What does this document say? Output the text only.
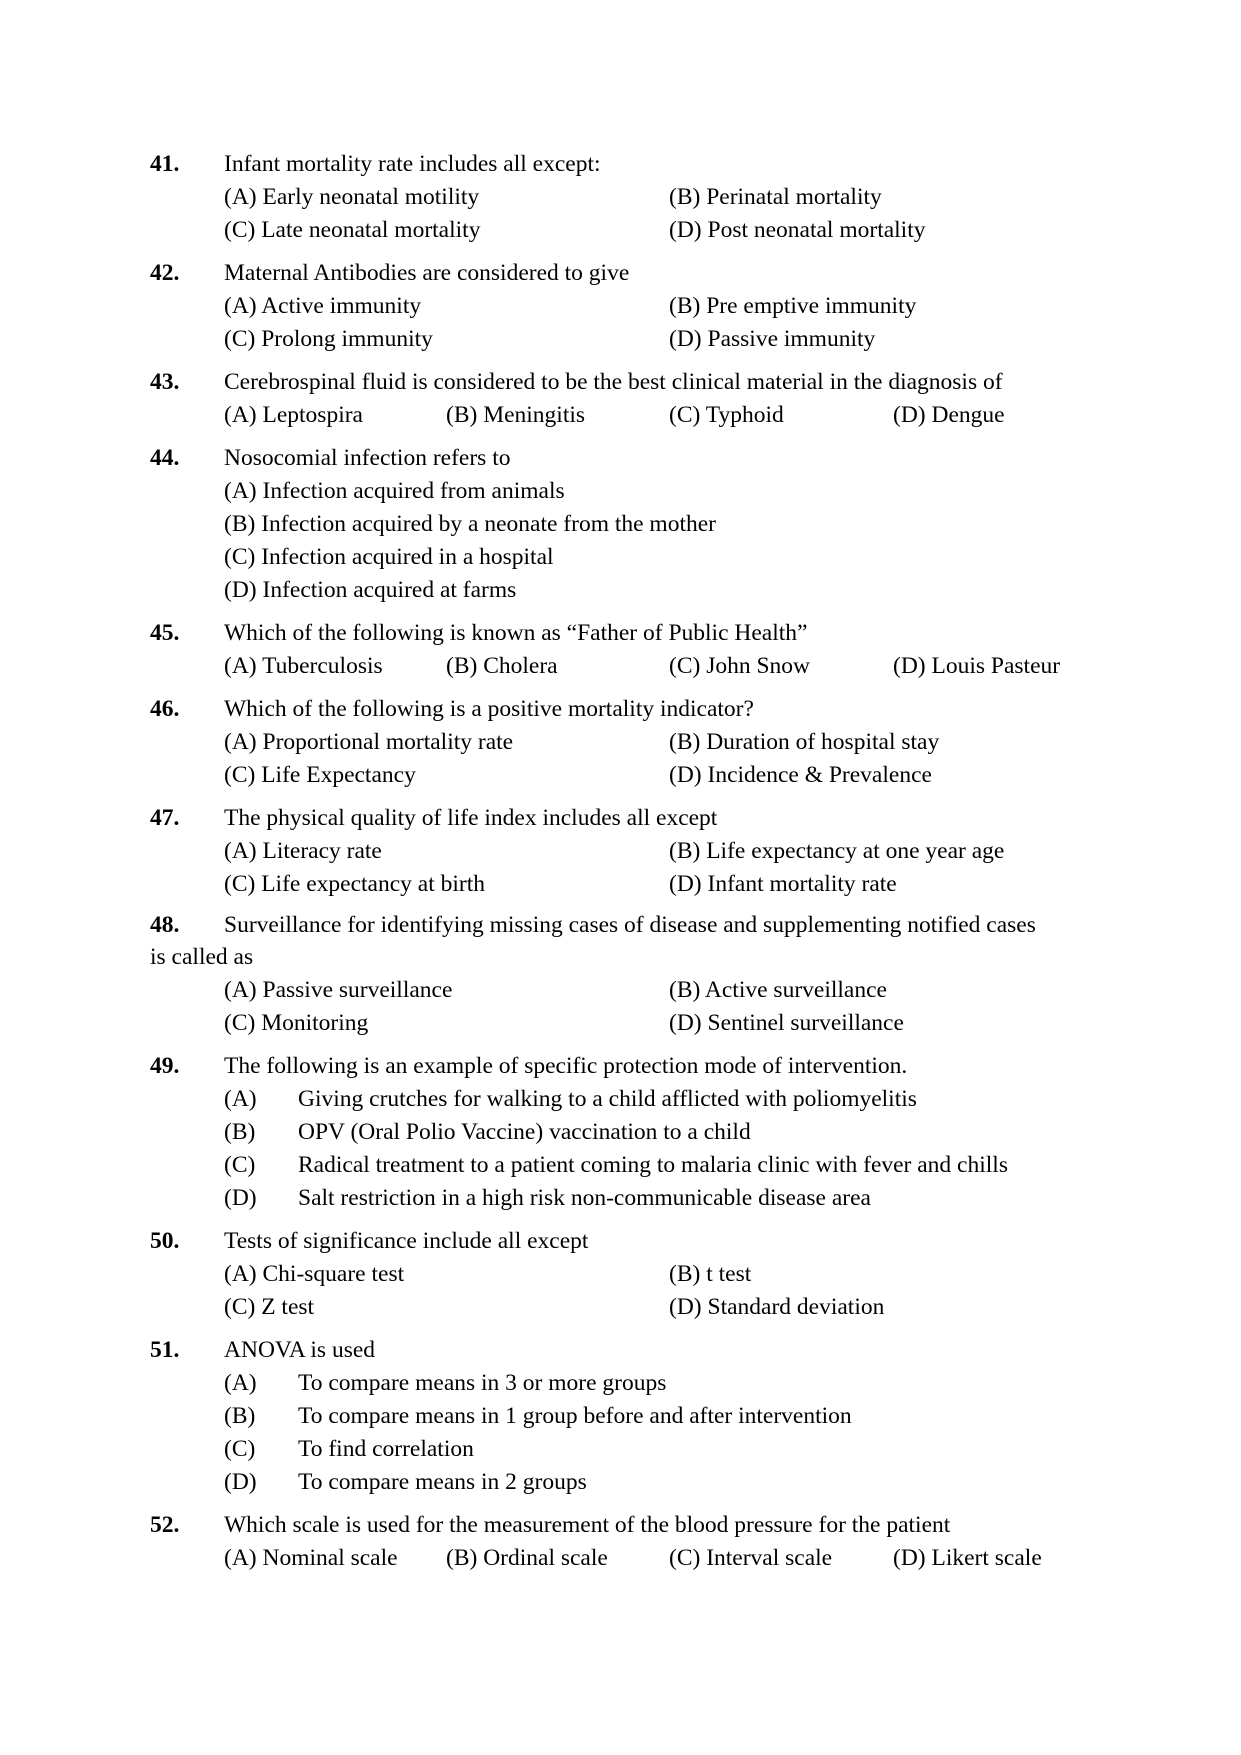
41. Infant mortality rate includes all except:
(A) Early neonatal motility	(B) Perinatal mortality
(C) Late neonatal mortality	(D) Post neonatal mortality
42. Maternal Antibodies are considered to give
(A) Active immunity	(B) Pre emptive immunity
(C) Prolong immunity	(D) Passive immunity
43. Cerebrospinal fluid is considered to be the best clinical material in the diagnosis of
(A) Leptospira	(B) Meningitis	(C) Typhoid	(D) Dengue
44. Nosocomial infection refers to
(A) Infection acquired from animals
(B) Infection acquired by a neonate from the mother
(C) Infection acquired in a hospital
(D) Infection acquired at farms
45. Which of the following is known as “Father of Public Health”
(A) Tuberculosis	(B) Cholera	(C) John Snow	(D) Louis Pasteur
46. Which of the following is a positive mortality indicator?
(A) Proportional mortality rate	(B) Duration of hospital stay
(C) Life Expectancy	(D) Incidence & Prevalence
47. The physical quality of life index includes all except
(A) Literacy rate	(B) Life expectancy at one year age
(C) Life expectancy at birth	(D) Infant mortality rate
48. Surveillance for identifying missing cases of disease and supplementing notified cases
is called as
(A) Passive surveillance	(B) Active surveillance
(C) Monitoring	(D) Sentinel surveillance
49. The following is an example of specific protection mode of intervention.
(A) Giving crutches for walking to a child afflicted with poliomyelitis
(B) OPV (Oral Polio Vaccine) vaccination to a child
(C) Radical treatment to a patient coming to malaria clinic with fever and chills
(D) Salt restriction in a high risk non-communicable disease area
50. Tests of significance include all except
(A) Chi-square test	(B) t test
(C) Z test	(D) Standard deviation
51. ANOVA is used
(A) To compare means in 3 or more groups
(B) To compare means in 1 group before and after intervention
(C) To find correlation
(D) To compare means in 2 groups
52. Which scale is used for the measurement of the blood pressure for the patient
(A) Nominal scale (B) Ordinal scale	(C) Interval scale	(D) Likert scale
